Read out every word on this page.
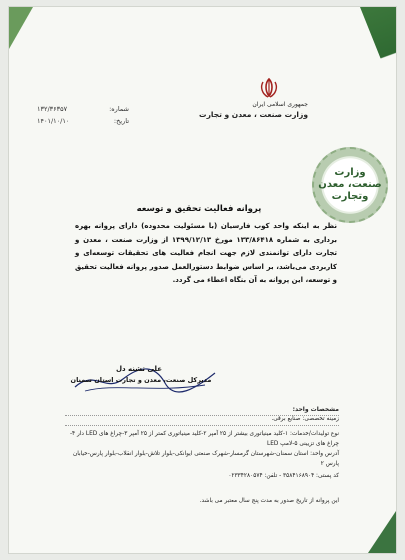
جمهوری اسلامی ایران
وزارت صنعت ، معدن و تجارت
شماره:
۱۳۲/۳۶۳۵۷
تاریخ:
۱۴۰۱/۱۰/۱۰
وزارت
صنعت، معدن
وتجارت
پروانه فعالیت تحقیق و توسعه

نظر به اینکه واحد کوب فارسیان (با مسئولیت محدوده) دارای پروانه بهره برداری به شماره ۱۳۳/۸۶۴۱۸ مورخ ۱۳۹۹/۱۲/۱۳ از وزارت صنعت ، معدن و تجارت دارای توانمندی لازم جهت انجام فعالیت های تحقیقات توسعه‌ای و کاربردی می‌باشد، بر اساس ضوابط دستورالعمل صدور پروانه فعالیت تحقیق و توسعه، این پروانه به آن بنگاه اعطاء می گردد.

علی تشنه دل
مدیرکل صنعت، معدن و تجارت استان سمنان
مشخصات واحد:
زمینه تخصصی: صنایع برقی.
نوع تولیدات/خدمات: ۱-کلید مینیاتوری بیشتر از ۲۵ آمپر ۲-کلید مینیاتوری کمتر از ۲۵ آمپر ۳-چراغ های LED دار ۴-چراغ های تزیینی ۵-لامپ LED
آدرس واحد: استان سمنان-شهرستان گرمسار-شهرک صنعتی ایوانکی-بلوار تلاش-بلوار انقلاب-بلوار پارس-خیابان پارس ۲
کد پستی: ۳۵۸۴۱۶۸۹۰۴ - تلفن: ۰۲۳۳۴۲۸۰۵۷۴
این پروانه از تاریخ صدور به مدت پنج سال معتبر می باشد.
